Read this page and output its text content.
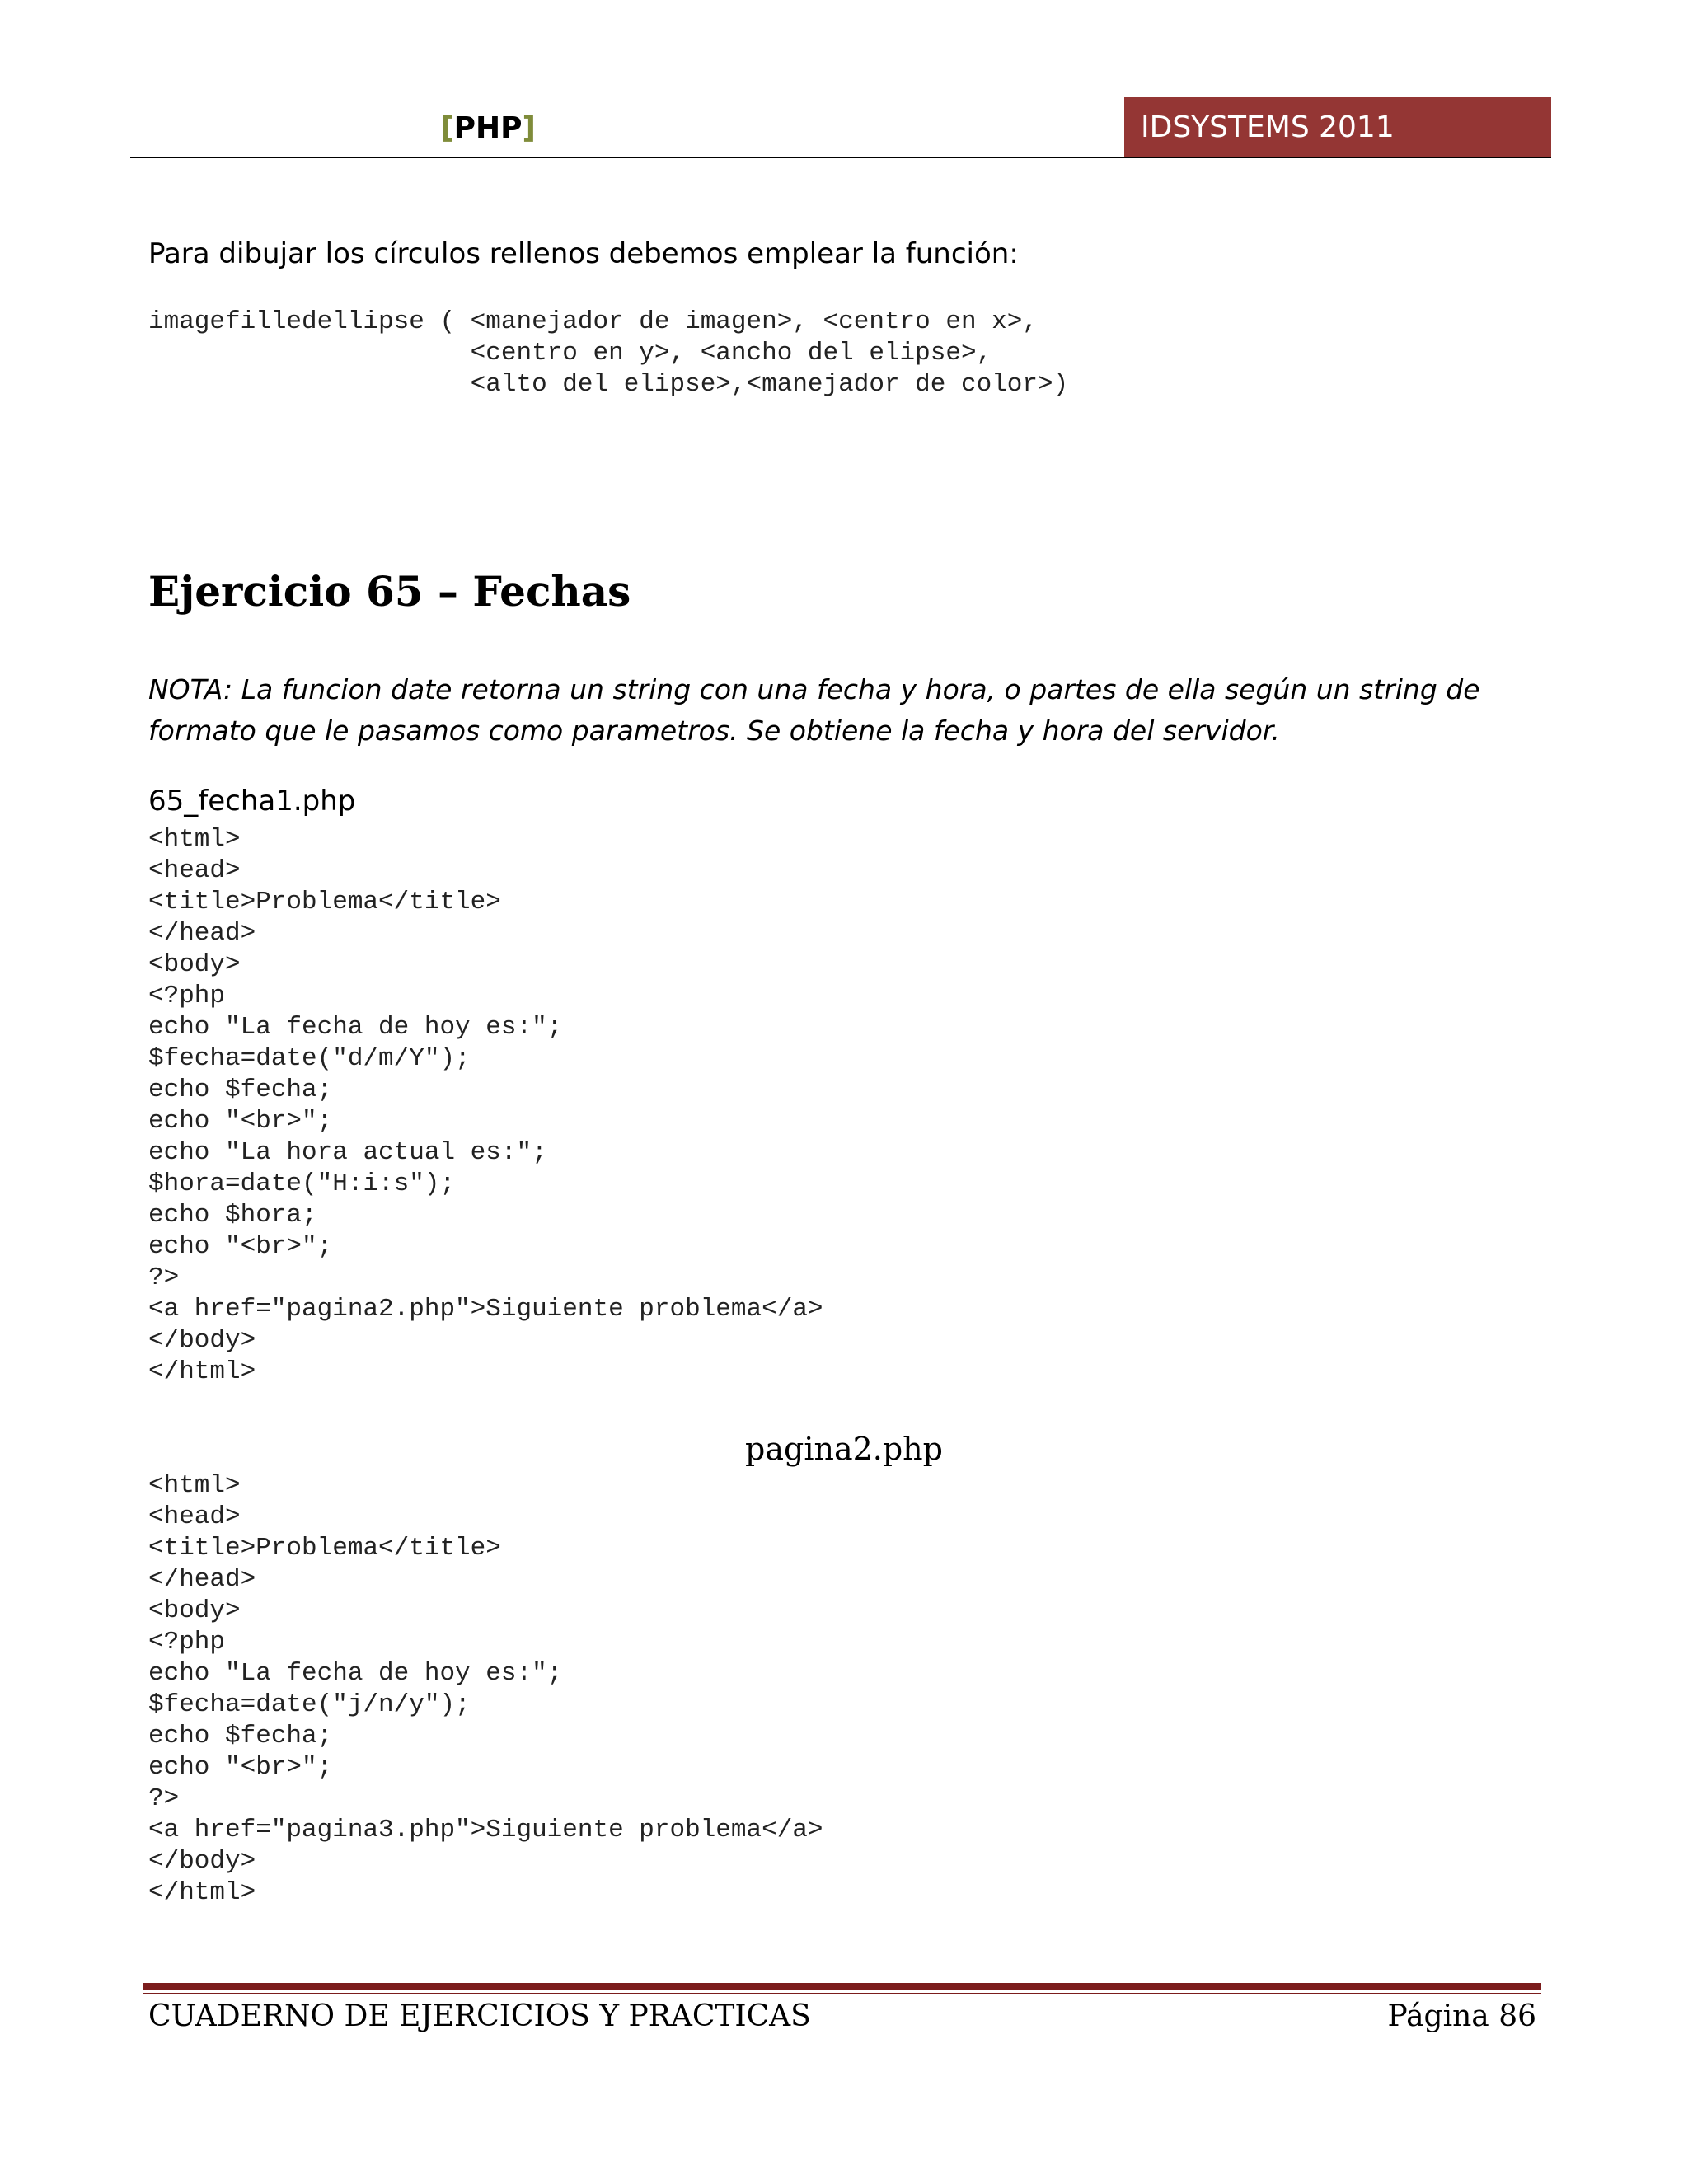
[PHP]	IDSYSTEMS 2011
Para dibujar los círculos rellenos debemos emplear la función:
imagefilledellipse ( <manejador de imagen>, <centro en x>,
<centro en y>, <ancho del elipse>,
<alto del elipse>,<manejador de color>)
Ejercicio 65 – Fechas
NOTA: La funcion date retorna un string con una fecha y hora, o partes de ella según un string de formato que le pasamos como parametros. Se obtiene la fecha y hora del servidor.
65_fecha1.php
<html>
<head>
<title>Problema</title>
</head>
<body>
<?php
echo "La fecha de hoy es:";
$fecha=date("d/m/Y");
echo $fecha;
echo "<br>";
echo "La hora actual es:";
$hora=date("H:i:s");
echo $hora;
echo "<br>";
?>
<a href="pagina2.php">Siguiente problema</a>
</body>
</html>
pagina2.php
<html>
<head>
<title>Problema</title>
</head>
<body>
<?php
echo "La fecha de hoy es:";
$fecha=date("j/n/y");
echo $fecha;
echo "<br>";
?>
<a href="pagina3.php">Siguiente problema</a>
</body>
</html>
CUADERNO DE EJERCICIOS Y PRACTICAS	Página 86
